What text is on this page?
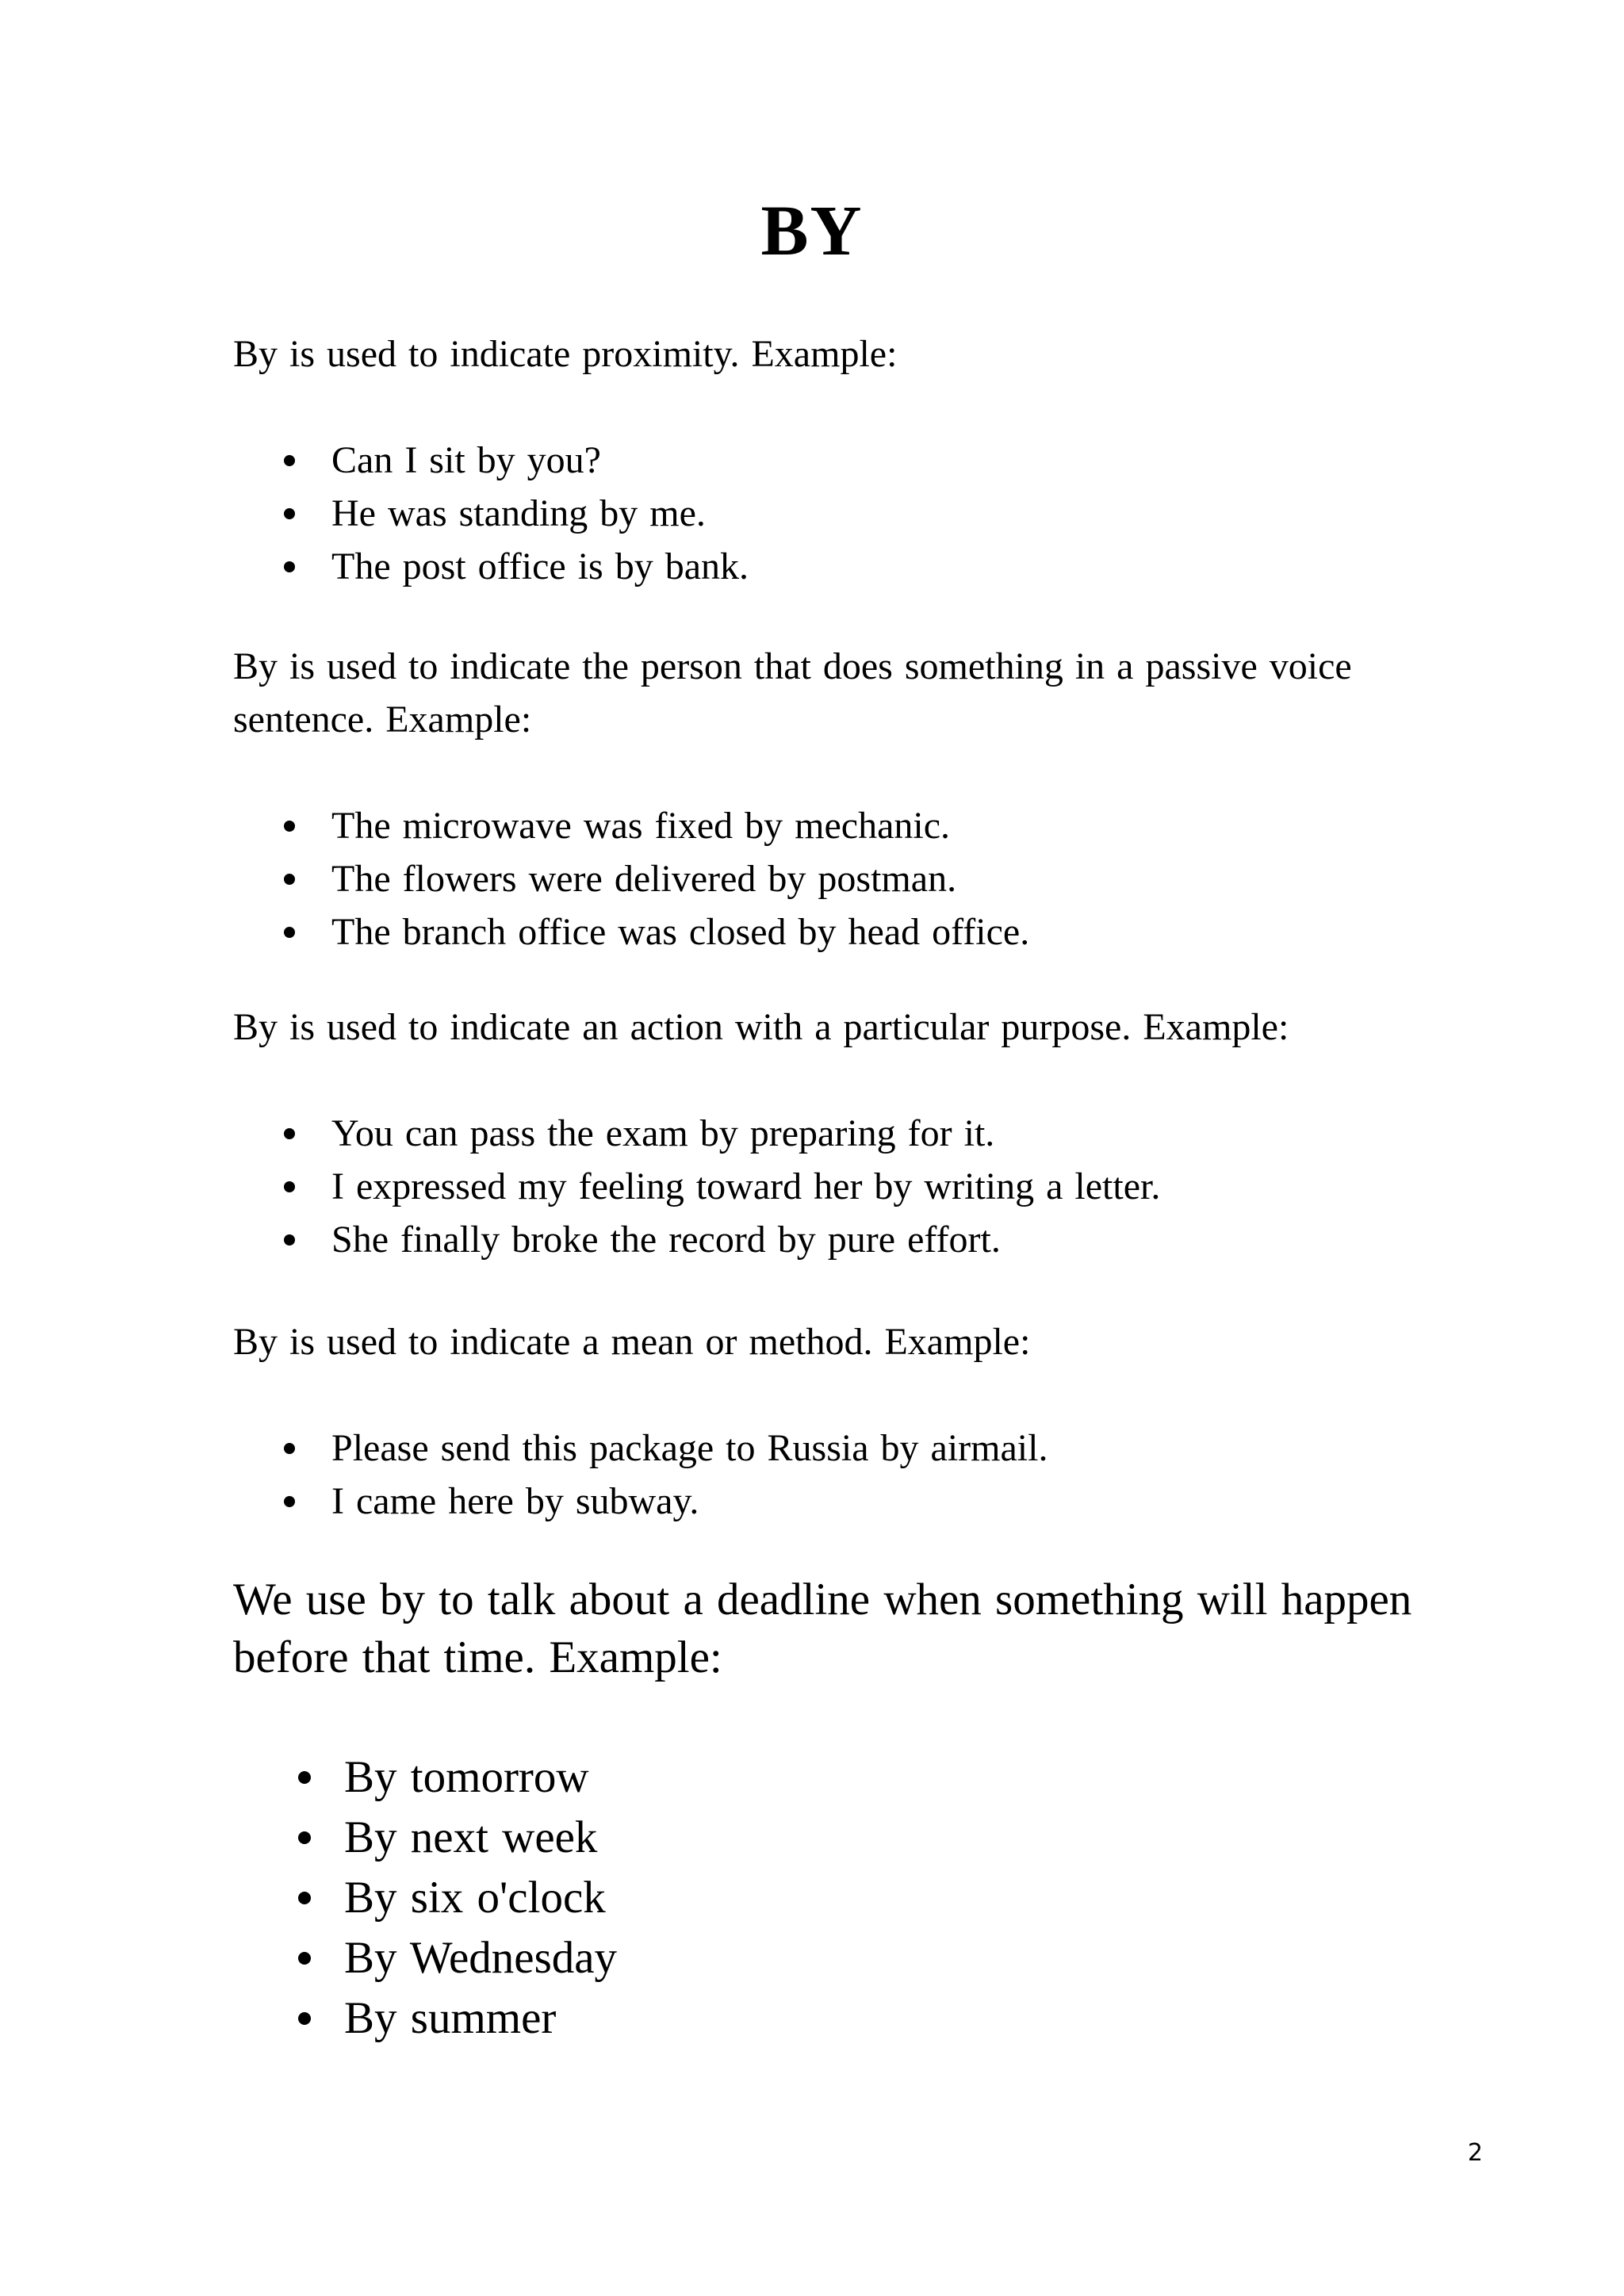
BY

By is used to indicate proximity. Example:

Can I sit by you?
He was standing by me.
The post office is by bank.

By is used to indicate the person that does something in a passive voice sentence. Example:

The microwave was fixed by mechanic.
The flowers were delivered by postman.
The branch office was closed by head office.

By is used to indicate an action with a particular purpose. Example:

You can pass the exam by preparing for it.
I expressed my feeling toward her by writing a letter.
She finally broke the record by pure effort.

By is used to indicate a mean or method. Example:

Please send this package to Russia by airmail.
I came here by subway.

We use by to talk about a deadline when something will happen before that time. Example:

By tomorrow
By next week
By six o'clock
By Wednesday
By summer
2
